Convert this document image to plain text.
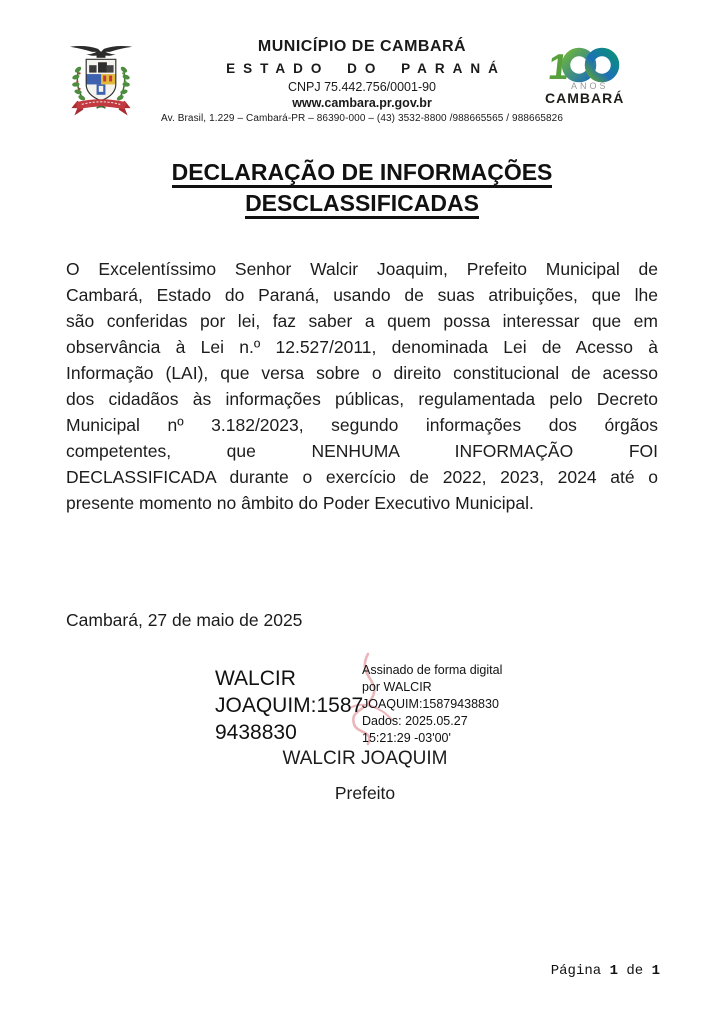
MUNICÍPIO DE CAMBARÁ
ESTADO DO PARANÁ
CNPJ 75.442.756/0001-90
www.cambara.pr.gov.br
Av. Brasil, 1.229 – Cambará-PR – 86390-000 – (43) 3532-8800 /988665565 / 988665826
1 ANOS
CAMBARÁ
DECLARAÇÃO DE INFORMAÇÕES
DESCLASSIFICADAS
O Excelentíssimo Senhor Walcir Joaquim, Prefeito Municipal de
Cambará, Estado do Paraná, usando de suas atribuições, que lhe
são conferidas por lei, faz saber a quem possa interessar que em
observância à Lei n.º 12.527/2011, denominada Lei de Acesso à
Informação (LAI), que versa sobre o direito constitucional de acesso
dos cidadãos às informações públicas, regulamentada pelo Decreto
Municipal nº 3.182/2023, segundo informações dos órgãos
competentes, que NENHUMA INFORMAÇÃO FOI
DECLASSIFICADA durante o exercício de 2022, 2023, 2024 até o
presente momento no âmbito do Poder Executivo Municipal.
Cambará, 27 de maio de 2025
WALCIR
JOAQUIM:1587
9438830
Assinado de forma digital
por WALCIR
JOAQUIM:15879438830
Dados: 2025.05.27
15:21:29 -03'00'
WALCIR JOAQUIM
Prefeito
Página 1 de 1
